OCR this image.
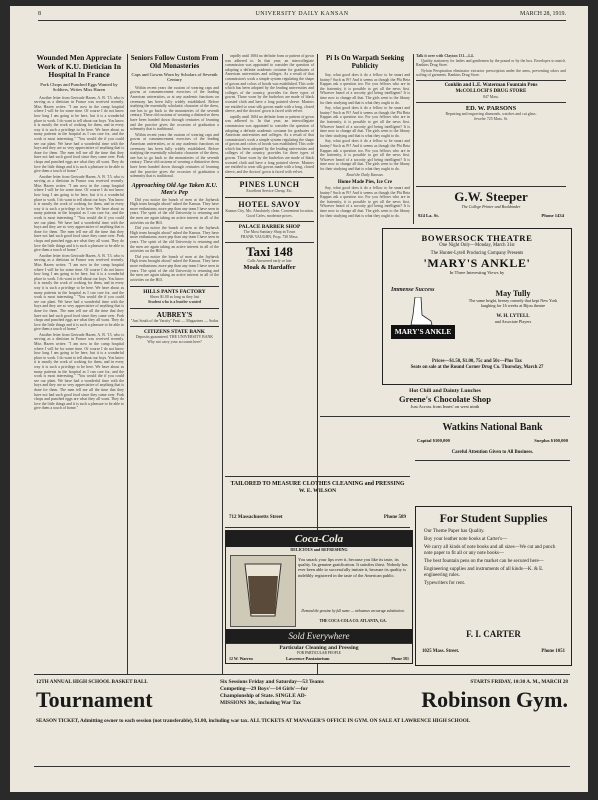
8	UNIVERSITY DAILY KANSAN	MARCH 28, 1919.
Wounded Men Appreciate Work of K.U. Dietician In Hospital In France
Pork Chops and Punched Eggs Wanted by Soldiers, Writes Miss Hazen

Another letter from Gertrude Hazen, A. B. '15, who is serving as a dietician in France was received recently. Miss Hazen writes: "I am now in the camp hospital where I will be for some time. Of course I do not know how long I am going to be here, but it is a wonderful place to work. I do want to tell about our boys. You know it is mostly the work of cooking for them, and in every way it is such a privilege to be here. We have about as many patients in the hospital as I can care for, and the work is most interesting." "You would die if you could see our plant. We have had a wonderful time with the boys and they are so very appreciative of anything that is done for them. The men tell me all the time that they have not had such good food since they came over. Pork chops and punched eggs are what they all want. They do love the little things and it is such a pleasure to be able to give them a touch of home."

Another letter from Gertrude Hazen, A. B. '15, who is serving as a dietician in France was received recently. Miss Hazen writes: "I am now in the camp hospital where I will be for some time. Of course I do not know how long I am going to be here, but it is a wonderful place to work. I do want to tell about our boys. You know it is mostly the work of cooking for them, and in every way it is such a privilege to be here. We have about as many patients in the hospital as I can care for, and the work is most interesting." "You would die if you could see our plant. We have had a wonderful time with the boys and they are so very appreciative of anything that is done for them. The men tell me all the time that they have not had such good food since they came over. Pork chops and punched eggs are what they all want. They do love the little things and it is such a pleasure to be able to give them a touch of home."

Another letter from Gertrude Hazen, A. B. '15, who is serving as a dietician in France was received recently. Miss Hazen writes: "I am now in the camp hospital where I will be for some time. Of course I do not know how long I am going to be here, but it is a wonderful place to work. I do want to tell about our boys. You know it is mostly the work of cooking for them, and in every way it is such a privilege to be here. We have about as many patients in the hospital as I can care for, and the work is most interesting." "You would die if you could see our plant. We have had a wonderful time with the boys and they are so very appreciative of anything that is done for them. The men tell me all the time that they have not had such good food since they came over. Pork chops and punched eggs are what they all want. They do love the little things and it is such a pleasure to be able to give them a touch of home."

Another letter from Gertrude Hazen, A. B. '15, who is serving as a dietician in France was received recently. Miss Hazen writes: "I am now in the camp hospital where I will be for some time. Of course I do not know how long I am going to be here, but it is a wonderful place to work. I do want to tell about our boys. You know it is mostly the work of cooking for them, and in every way it is such a privilege to be here. We have about as many patients in the hospital as I can care for, and the work is most interesting." "You would die if you could see our plant. We have had a wonderful time with the boys and they are so very appreciative of anything that is done for them. The men tell me all the time that they have not had such good food since they came over. Pork chops and punched eggs are what they all want. They do love the little things and it is such a pleasure to be able to give them a touch of home."

Seniors Follow Custom From Old Monasteries
Caps and Gowns Worn by Scholars of Seventh Century

Within recent years the custom of wearing caps and gowns at commencement exercises of the leading American universities, or at any academic functions on ceremony has been fully widely established. Before studying the essentially scholastic character of the dress, one has to go back to the monasteries of the seventh century. These old customs of wearing a distinctive dress have been handed down through centuries of learning and the practice gives the occasion of graduation a solemnity that is traditional.

Within recent years the custom of wearing caps and gowns at commencement exercises of the leading American universities, or at any academic functions on ceremony has been fully widely established. Before studying the essentially scholastic character of the dress, one has to go back to the monasteries of the seventh century. These old customs of wearing a distinctive dress have been handed down through centuries of learning and the practice gives the occasion of graduation a solemnity that is traditional.

Approaching Old Age Taken K.U. Men's Pep

Did you notice the bunch of men at the Jayhawk High team brought about? asked the Kansas. They have more enthusiasm, more pep than any team I have seen in years. The spirit of the old University is returning and the men are again taking an active interest in all of the activities on the Hill.

Did you notice the bunch of men at the Jayhawk High team brought about? asked the Kansas. They have more enthusiasm, more pep than any team I have seen in years. The spirit of the old University is returning and the men are again taking an active interest in all of the activities on the Hill.

Did you notice the bunch of men at the Jayhawk High team brought about? asked the Kansas. They have more enthusiasm, more pep than any team I have seen in years. The spirit of the old University is returning and the men are again taking an active interest in all of the activities on the Hill.

HILLS PANTS FACTORY
Shoes $1.00 as long as they last
Student who is a hustler wanted
AUBREY'S
"Just South of the Varsity" Fruit — Magazines — Sodas
CITIZENS STATE BANK
Deposits guaranteed. THE UNIVERSITY BANK
Why not carry your accounts here?

rapidly until 1684 no definite form or pattern of gown was adhered to. In that year, an intercollegiate commission was appointed to consider the question of adopting a definite academic costume for graduates of American universities and colleges. As a result of that commission's work a simple system regulating the shape of gowns and colors of hoods was established. This code which has been adopted by the leading universities and colleges of the country, provides for three types of gowns. Those worn by the bachelors are made of black worsted cloth and have a long pointed sleeve. Masters are entitled to wear silk gowns made with a long, closed sleeve, and the doctors' gown is faced with velvet.

rapidly until 1684 no definite form or pattern of gown was adhered to. In that year, an intercollegiate commission was appointed to consider the question of adopting a definite academic costume for graduates of American universities and colleges. As a result of that commission's work a simple system regulating the shape of gowns and colors of hoods was established. This code which has been adopted by the leading universities and colleges of the country, provides for three types of gowns. Those worn by the bachelors are made of black worsted cloth and have a long pointed sleeve. Masters are entitled to wear silk gowns made with a long, closed sleeve, and the doctors' gown is faced with velvet.

PINES LUNCH
Excellent Service Cheap, Etc.
HOTEL SAVOY
Kansas City, Mo. Absolutely clean. Convenient location. Good Cafes, moderate prices.
PALACE BARBER SHOP
The Most Sanitary Shop in Town
FRANK VAUGHN, Prop. 730 Mass.
Taxi 148
Calls Answered early or late
Moak & Hardaffer
TAILORED TO MEASURE CLOTHES CLEANING and PRESSING
W. E. WILSON
712 Massachusetts Street	Phone 589
Pi Is On Warpath Seeking Publicity

Say, what good does it do a fellow to be smart and brainy? Such as Pi? And it seems as though the Phi Beta Kappas ask a question too. For you fellows who are in the fraternity, it is possible to get all the news first. Whoever heard of a sorority girl being intelligent? It is time now to change all that. The girls went to the library for their studying and that is what they ought to do.

Say, what good does it do a fellow to be smart and brainy? Such as Pi? And it seems as though the Phi Beta Kappas ask a question too. For you fellows who are in the fraternity, it is possible to get all the news first. Whoever heard of a sorority girl being intelligent? It is time now to change all that. The girls went to the library for their studying and that is what they ought to do.

Say, what good does it do a fellow to be smart and brainy? Such as Pi? And it seems as though the Phi Beta Kappas ask a question too. For you fellows who are in the fraternity, it is possible to get all the news first. Whoever heard of a sorority girl being intelligent? It is time now to change all that. The girls went to the library for their studying and that is what they ought to do.

Read the Daily Kansan.
Home Made Pies, Ice Cre

Say, what good does it do a fellow to be smart and brainy? Such as Pi? And it seems as though the Phi Beta Kappas ask a question too. For you fellows who are in the fraternity, it is possible to get all the news first. Whoever heard of a sorority girl being intelligent? It is time now to change all that. The girls went to the library for their studying and that is what they ought to do.

Talk it over with Clayton 131—L4.

Quality stationery for ladies and gentlemen by the pound or by the box. Envelopes to match. Rankins Drug Store.

Nyloin Perspiration eliminator extractor prescription under the arms, preventing odors and soiling of garments. Rankins Drug Store.

Conklin and L.E. Waterman Fountain Pens
McCOLLOCH'S DRUG STORE
847 Mass.
ED. W. PARSONS
Repairing and engraving diamonds, watches and cut glass.
Jeweler 725 Mass. St.
G.W. Steeper
The College Printer and Bookbinder
924 La. St.	Phone 1434
BOWERSOCK THEATRE
One Night Only—Monday, March 31st
The Hunter-Lytell Producing Company Presents
'MARY'S ANKLE'
In Three Interesting Views by
Immense Success
MARY'S ANKLE
May Tully
The same bright, breezy comedy that kept New York laughing for 16 weeks at Bijou theatre
W. H. LYTELL
and Associate Players
Prices—$1.50, $1.00, 75c and 50c—Plus Tax
Seats on sale at the Round Corner Drug Co. Thursday, March 27
Hot Chili and Dainty Lunches
Greene's Chocolate Shop
Just Across from Innes' on west ninth
Watkins National Bank
Capital $100,000	Surplus $100,000
Careful Attention Given to All Business.
For Student Supplies
Our Theme Paper has Quality.
Buy your leather note books at Carter's—
We carry all kinds of note books and all sizes—We cut and punch note paper to fit all or any note books—
The best fountain pens on the market can be secured here—
Engineering supplies and instruments of all kinds—K. & E. engineering rules.
Typewriters for rent.
F. I. CARTER
1025 Mass. Street.	Phone 1051
Coca-Cola
DELICIOUS and REFRESHING
You smack your lips over it, because you like its taste, its quality. Its genuine gratification. It satisfies thirst. Nobody has ever been able to successfully imitate it, because its quality is indelibly registered in the taste of the American public.
Demand the genuine by full name — nicknames encourage substitution.
THE COCA-COLA CO. ATLANTA, GA.
Sold Everywhere
Particular Cleaning and Pressing
FOR PARTICULAR PEOPLE
12 W. Warren	Lawrence Pantatorium	Phone 581
12TH ANNUAL HIGH SCHOOL BASKET BALL
Tournament
Six Sessions Friday and Saturday—53 Teams
Competing—29 Boys'—14 Girls'—for
Championship of State. SINGLE AD-
MISSIONS 30c, including War Tax
STARTS FRIDAY, 10:30 A. M., MARCH 28
Robinson Gym.
SEASON TICKET, Admitting owner to each session (not transferable), $1.00, including war tax. ALL TICKETS AT MANAGER'S OFFICE IN GYM. ON SALE AT LAWRENCE HIGH SCHOOL
